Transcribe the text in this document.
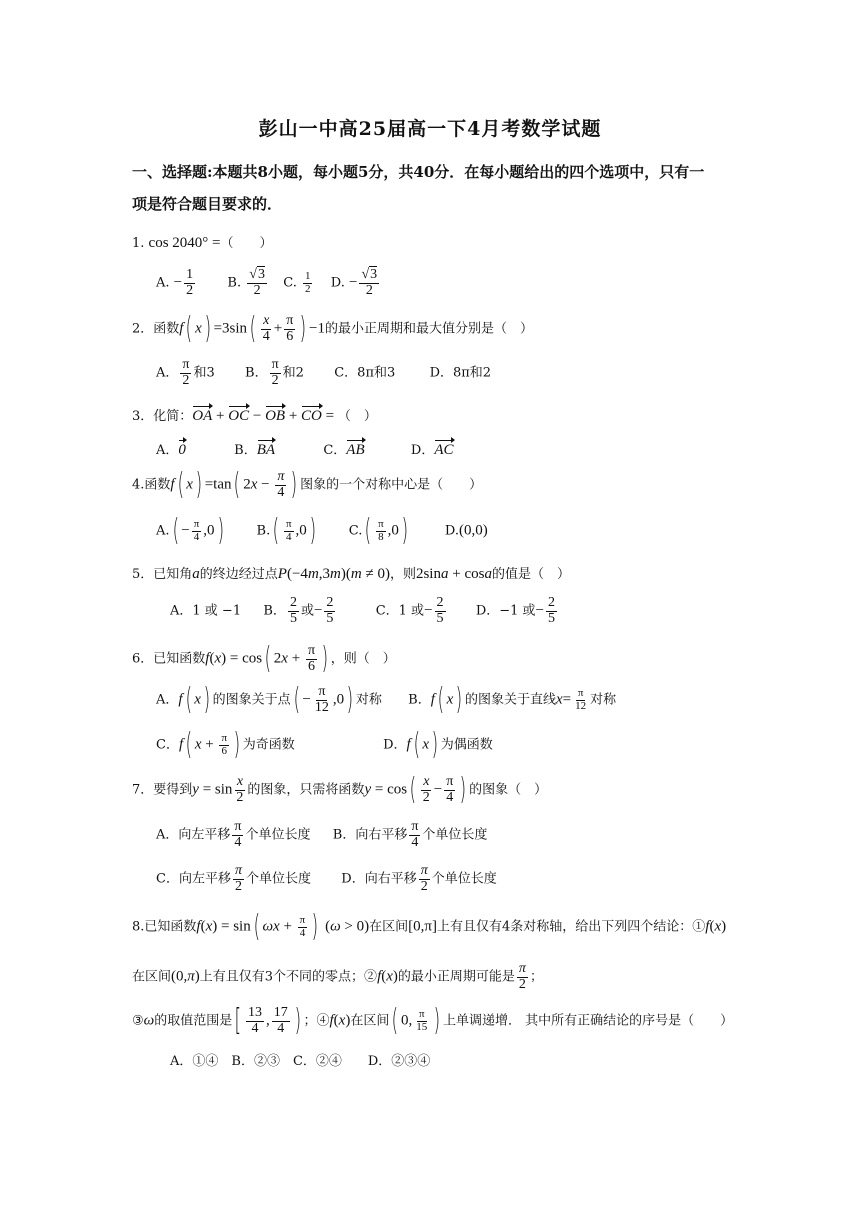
彭山一中高25届高一下4月考数学试题
一、选择题:本题共8小题，每小题5分，共40分．在每小题给出的四个选项中，只有一
项是符合题目要求的．
1. cos 2040° =（　　）
A. − $\frac{1}{2} B$. $\frac{√3}{2} C$. $\frac{1}{2} D$. − $\frac{√3}{2}$
2．函数f( $x) =3\sin( \frac{x}{4} + \frac{\pi}{6}$ ) −1的最小正周期和最大值分别是（　）
A． $\frac{\pi}{2}$ 和3 B． $\frac{\pi}{2}$ 和2 C．8π和3	D．8π和2
3．化简：OA + OC − OB + CO = （　）
A．0	B．BA	C．AB	D．AC
4.函数f( x) =tan( $2x - \frac{\pi}{4}$ ) 图象的一个对称中心是（　　）
$A.( - \frac{\pi}{4} ,0)$	$B.( \frac{\pi}{4} ,0)$	$C.( \frac{\pi}{8} ,0)$	D.(0,0)
5．已知角a的终边经过点P(−4m,3m)(m ≠ 0)，则2sina + cosa的值是（　）
A．1 或 −1 B． $\frac{2}{5}$ 或− $\frac{2}{5}$	C．1 或− $\frac{2}{5}$ D．−1 或− $\frac{2}{5}$
6．已知函数f(x) = cos( $2x + \frac{\pi}{6}$ ) ，则（　）
A．f( x) 的图象关于点( − $\frac{\pi}{12} ,0$) 对称 B．f( x) 的图象关于直线$x= \frac{\pi}{12}$ 对称
C．f( $x + \frac{\pi}{6}$ ) 为奇函数	D．f( x) 为偶函数
7．要得到$y = \sin \frac{x}{2}$ 的图象，只需将函数$y = \cos( \frac{x}{2} - \frac{\pi}{4}$ ) 的图象（　）
A．向左平移 $\frac{\pi}{4}$ 个单位长度 B．向右平移 $\frac{\pi}{4}$ 个单位长度
C．向左平移 $\frac{\pi}{2}$ 个单位长度 D．向右平移 $\frac{\pi}{2}$ 个单位长度
8.已知函数f(x) = sin( $\omega x + \frac{\pi}{4}$ ) (ω > 0)在区间[0,π]上有且仅有4条对称轴，给出下列四个结论：①f(x)
在区间(0,π)上有且仅有3个不同的零点；②f(x)的最小正周期可能是 $\frac{\pi}{2}$ ；
③ω的取值范围是[ $\frac{13}{4}$ , $\frac{17}{4}$ ) ；④f(x)在区间( 0, $\frac{\pi}{15}$ ) 上单调递增． 其中所有正确结论的序号是（　　）
A．①④　B．②③　C．②④　　D．②③④
